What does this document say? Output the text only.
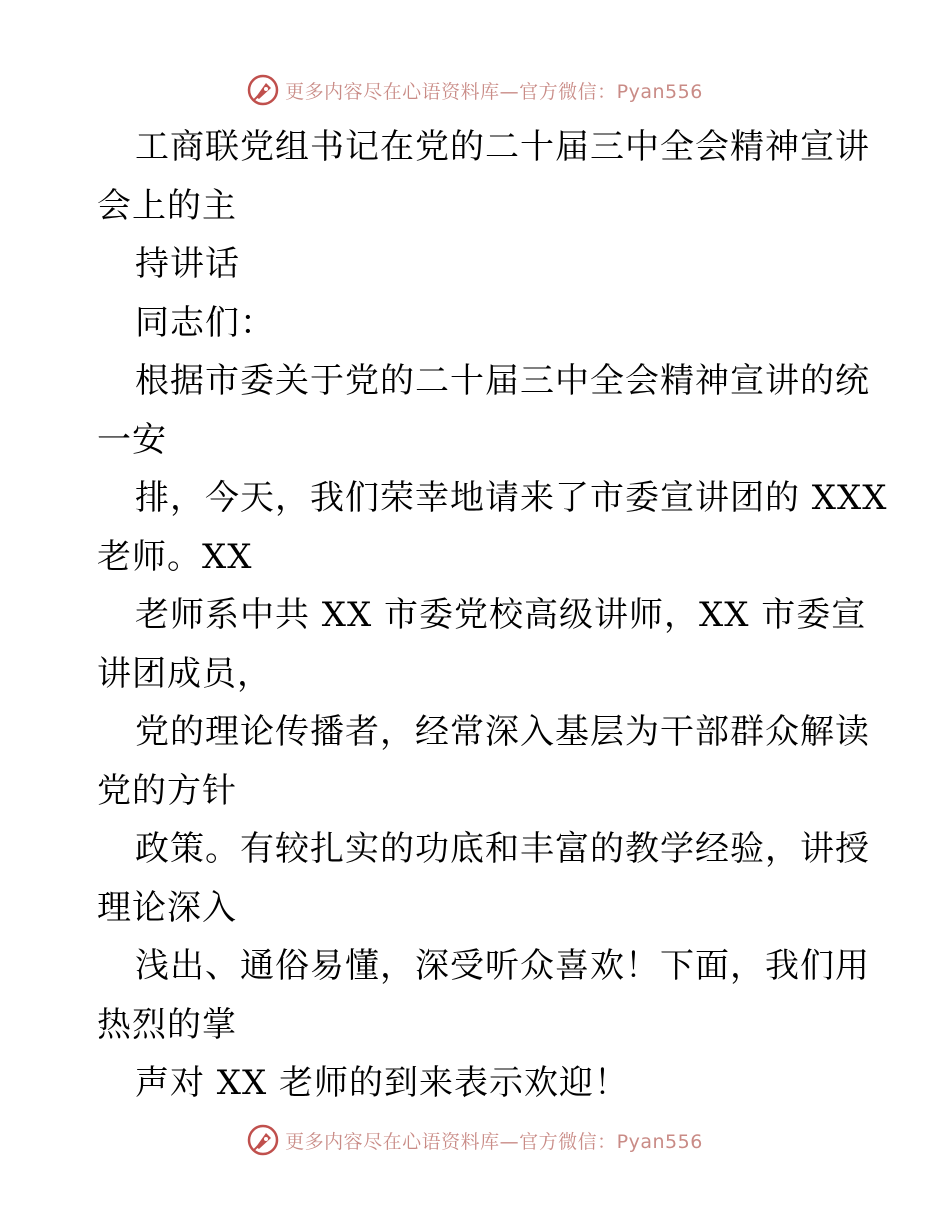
更多内容尽在心语资料库—官方微信：Pyan556
工商联党组书记在党的二十届三中全会精神宣讲
会上的主
持讲话
同志们：
根据市委关于党的二十届三中全会精神宣讲的统
一安
排，今天，我们荣幸地请来了市委宣讲团的 XXX
老师。XX
老师系中共 XX 市委党校高级讲师，XX 市委宣
讲团成员，
党的理论传播者，经常深入基层为干部群众解读
党的方针
政策。有较扎实的功底和丰富的教学经验，讲授
理论深入
浅出、通俗易懂，深受听众喜欢！下面，我们用
热烈的掌
声对 XX 老师的到来表示欢迎！
更多内容尽在心语资料库—官方微信：Pyan556
